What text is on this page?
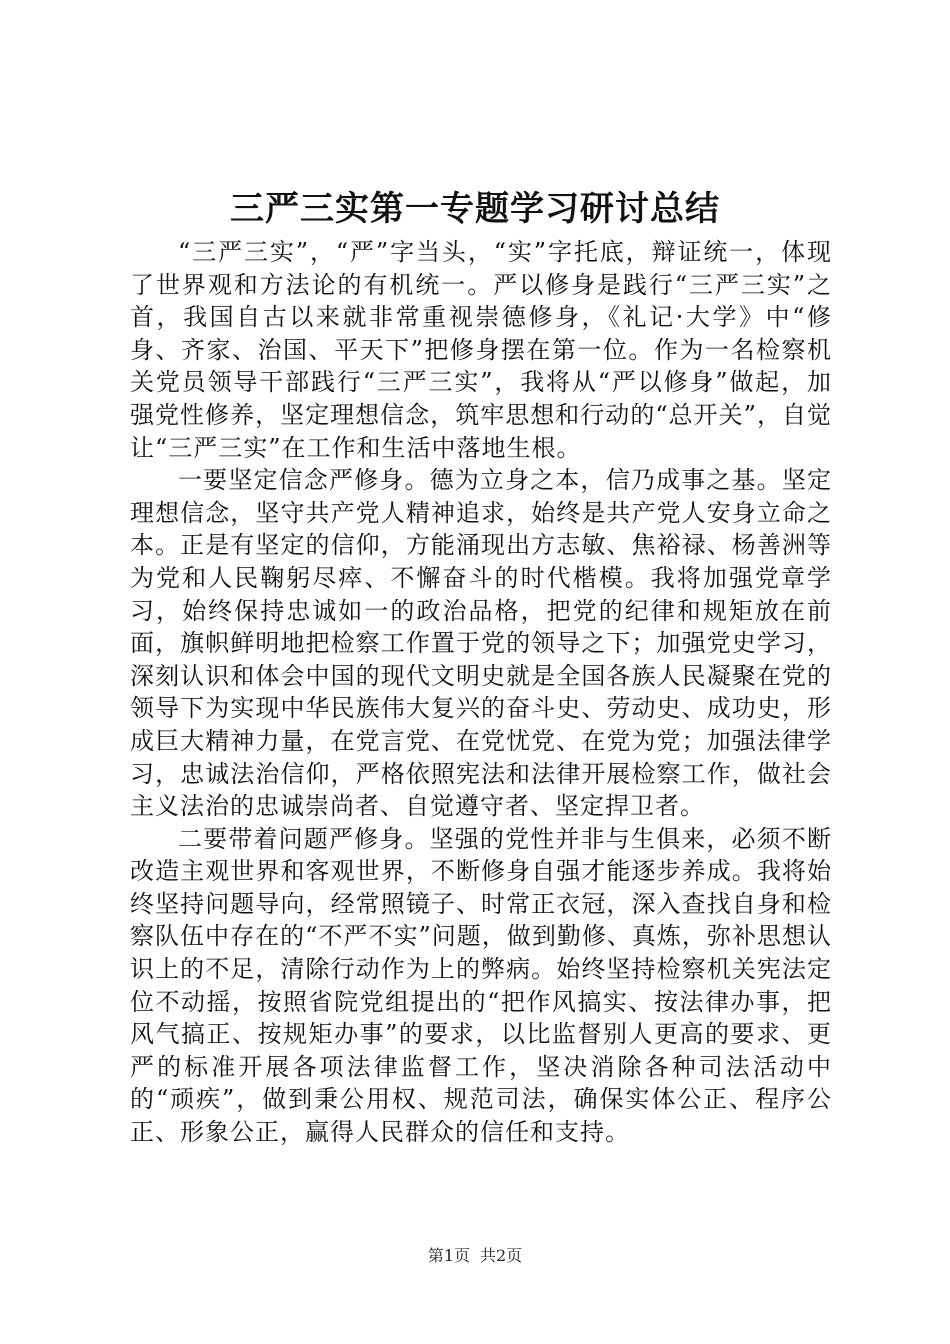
三严三实第一专题学习研讨总结

“三严三实”，“严”字当头，“实”字托底，辩证统一，体现了世界观和方法论的有机统一。严以修身是践行“三严三实”之首，我国自古以来就非常重视崇德修身，《礼记·大学》中“修身、齐家、治国、平天下”把修身摆在第一位。作为一名检察机关党员领导干部践行“三严三实”，我将从“严以修身”做起，加强党性修养，坚定理想信念，筑牢思想和行动的“总开关”，自觉让“三严三实”在工作和生活中落地生根。

一要坚定信念严修身。德为立身之本，信乃成事之基。坚定理想信念，坚守共产党人精神追求，始终是共产党人安身立命之本。正是有坚定的信仰，方能涌现出方志敏、焦裕禄、杨善洲等为党和人民鞠躬尽瘁、不懈奋斗的时代楷模。我将加强党章学习，始终保持忠诚如一的政治品格，把党的纪律和规矩放在前面，旗帜鲜明地把检察工作置于党的领导之下；加强党史学习，深刻认识和体会中国的现代文明史就是全国各族人民凝聚在党的领导下为实现中华民族伟大复兴的奋斗史、劳动史、成功史，形成巨大精神力量，在党言党、在党忧党、在党为党；加强法律学习，忠诚法治信仰，严格依照宪法和法律开展检察工作，做社会主义法治的忠诚崇尚者、自觉遵守者、坚定捍卫者。

二要带着问题严修身。坚强的党性并非与生俱来，必须不断改造主观世界和客观世界，不断修身自强才能逐步养成。我将始终坚持问题导向，经常照镜子、时常正衣冠，深入查找自身和检察队伍中存在的“不严不实”问题，做到勤修、真炼，弥补思想认识上的不足，清除行动作为上的弊病。始终坚持检察机关宪法定位不动摇，按照省院党组提出的“把作风搞实、按法律办事，把风气搞正、按规矩办事”的要求，以比监督别人更高的要求、更严的标准开展各项法律监督工作，坚决消除各种司法活动中的“顽疾”，做到秉公用权、规范司法，确保实体公正、程序公正、形象公正，赢得人民群众的信任和支持。

第1页 共2页
